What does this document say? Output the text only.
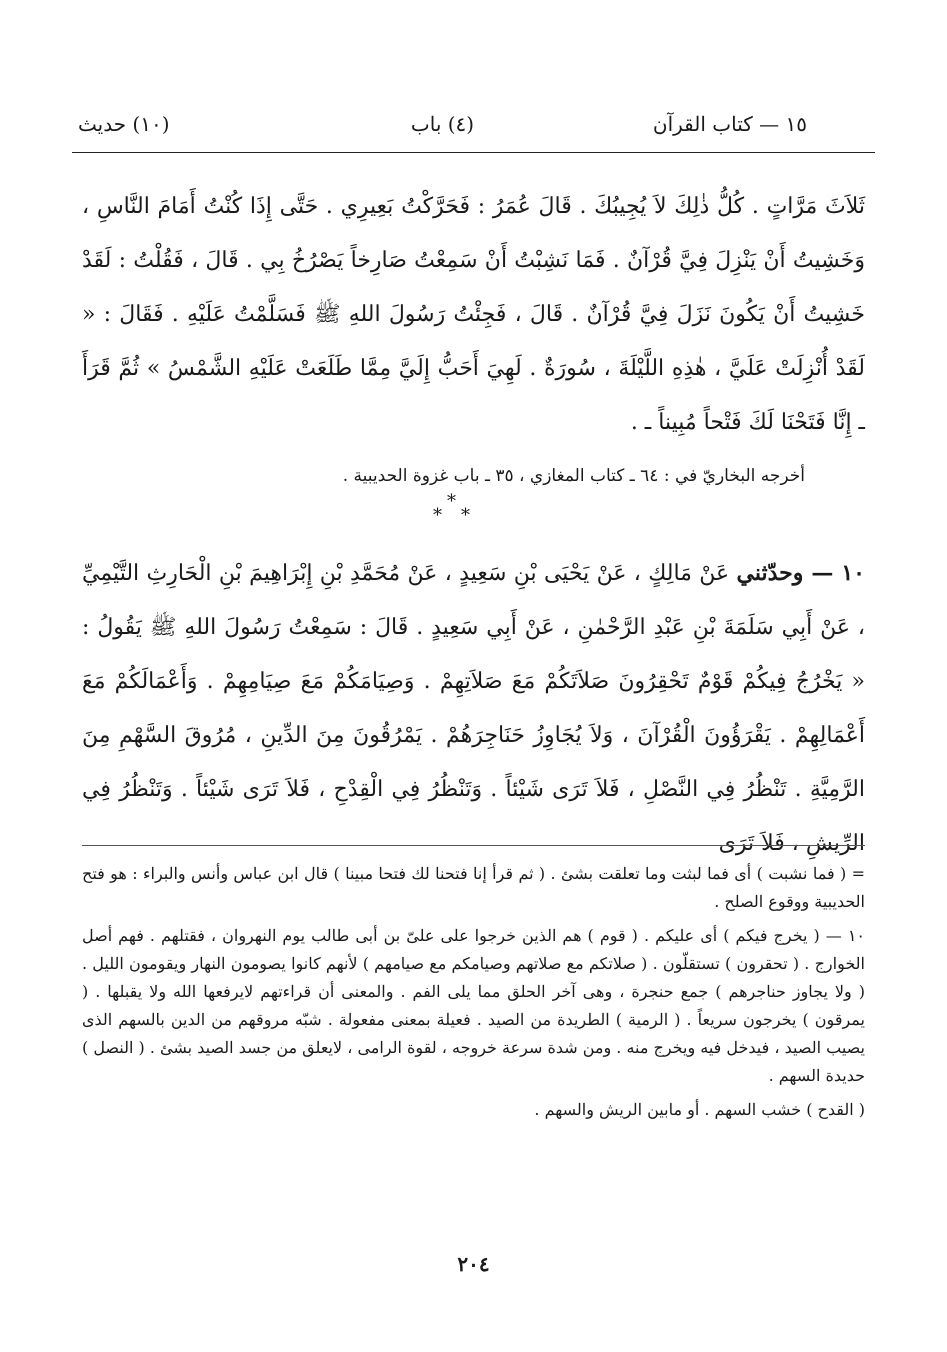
١٥ — كتاب القرآن
(٤) باب
(١٠) حديث

ثَلاَثَ مَرَّاتٍ . كُلُّ ذٰلِكَ لاَ يُجِيبُكَ . قَالَ عُمَرُ : فَحَرَّكْتُ بَعِيرِي . حَتَّى إِذَا كُنْتُ أَمَامَ النَّاسِ ، وَخَشِيتُ أَنْ يَنْزِلَ فِيَّ قُرْآنٌ . فَمَا نَشِبْتُ أَنْ سَمِعْتُ صَارِخاً يَصْرُخُ بِي . قَالَ ، فَقُلْتُ : لَقَدْ خَشِيتُ أَنْ يَكُونَ نَزَلَ فِيَّ قُرْآنٌ . قَالَ ، فَجِئْتُ رَسُولَ اللهِ ﷺ فَسَلَّمْتُ عَلَيْهِ . فَقَالَ : « لَقَدْ أُنْزِلَتْ عَلَيَّ ، هٰذِهِ اللَّيْلَةَ ، سُورَةٌ . لَهِيَ أَحَبُّ إِلَيَّ مِمَّا طَلَعَتْ عَلَيْهِ الشَّمْسُ » ثُمَّ قَرَأَ ـ إِنَّا فَتَحْنَا لَكَ فَتْحاً مُبِيناً ـ .

أخرجه البخاريّ في : ٦٤ ـ كتاب المغازي ، ٣٥ ـ باب غزوة الحديبية .
*
* *

١٠ — وحدّثني عَنْ مَالِكٍ ، عَنْ يَحْيَى بْنِ سَعِيدٍ ، عَنْ مُحَمَّدِ بْنِ إِبْرَاهِيمَ بْنِ الْحَارِثِ التَّيْمِيِّ ، عَنْ أَبِي سَلَمَةَ بْنِ عَبْدِ الرَّحْمٰنِ ، عَنْ أَبِي سَعِيدٍ . قَالَ : سَمِعْتُ رَسُولَ اللهِ ﷺ يَقُولُ : « يَخْرُجُ فِيكُمْ قَوْمٌ تَحْقِرُونَ صَلاَتَكُمْ مَعَ صَلاَتِهِمْ . وَصِيَامَكُمْ مَعَ صِيَامِهِمْ . وَأَعْمَالَكُمْ مَعَ أَعْمَالِهِمْ . يَقْرَؤُونَ الْقُرْآنَ ، وَلاَ يُجَاوِزُ حَنَاجِرَهُمْ . يَمْرُقُونَ مِنَ الدِّينِ ، مُرُوقَ السَّهْمِ مِنَ الرَّمِيَّةِ . تَنْظُرُ فِي النَّصْلِ ، فَلاَ تَرَى شَيْئاً . وَتَنْظُرُ فِي الْقِدْحِ ، فَلاَ تَرَى شَيْئاً . وَتَنْظُرُ فِي الرِّيشِ ، فَلاَ تَرَى

= ( فما نشبت ) أى فما لبثت وما تعلقت بشئ . ( ثم قرأ إنا فتحنا لك فتحا مبينا ) قال ابن عباس وأنس والبراء : هو فتح الحديبية ووقوع الصلح .

١٠ — ( يخرج فيكم ) أى عليكم . ( قوم ) هم الذين خرجوا على علىّ بن أبى طالب يوم النهروان ، فقتلهم . فهم أصل الخوارج . ( تحقرون ) تستقلّون . ( صلاتكم مع صلاتهم وصيامكم مع صيامهم ) لأنهم كانوا يصومون النهار ويقومون الليل . ( ولا يجاوز حناجرهم ) جمع حنجرة ، وهى آخر الحلق مما يلى الفم . والمعنى أن قراءتهم لايرفعها الله ولا يقبلها . ( يمرقون ) يخرجون سريعاً . ( الرمية ) الطريدة من الصيد . فعيلة بمعنى مفعولة . شبّه مروقهم من الدين بالسهم الذى يصيب الصيد ، فيدخل فيه ويخرج منه . ومن شدة سرعة خروجه ، لقوة الرامى ، لايعلق من جسد الصيد بشئ . ( النصل ) حديدة السهم .

( القدح ) خشب السهم . أو مابين الريش والسهم .

٢٠٤
